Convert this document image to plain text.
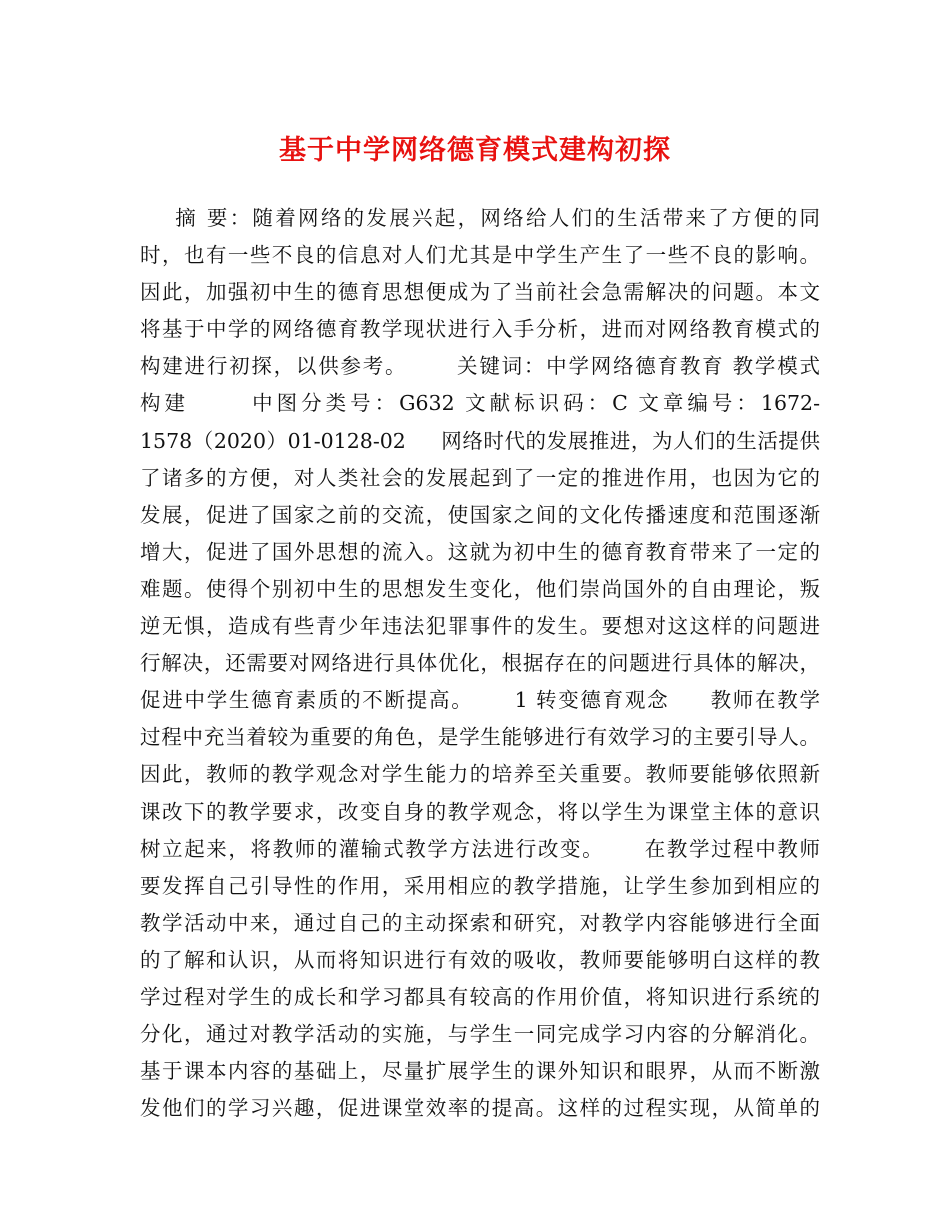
基于中学网络德育模式建构初探
摘 要：随着网络的发展兴起，网络给人们的生活带来了方便的同
时，也有一些不良的信息对人们尤其是中学生产生了一些不良的影响。
因此，加强初中生的德育思想便成为了当前社会急需解决的问题。本文
将基于中学的网络德育教学现状进行入手分析，进而对网络教育模式的
构建进行初探，以供参考。      关键词：中学网络德育教育 教学模式
构建      中图分类号：G632 文献标识码：C 文章编号：1672-
1578（2020）01-0128-02     网络时代的发展推进，为人们的生活提供
了诸多的方便，对人类社会的发展起到了一定的推进作用，也因为它的
发展，促进了国家之前的交流，使国家之间的文化传播速度和范围逐渐
增大，促进了国外思想的流入。这就为初中生的德育教育带来了一定的
难题。使得个别初中生的思想发生变化，他们崇尚国外的自由理论，叛
逆无惧，造成有些青少年违法犯罪事件的发生。要想对这这样的问题进
行解决，还需要对网络进行具体优化，根据存在的问题进行具体的解决，
促进中学生德育素质的不断提高。     1 转变德育观念     教师在教学
过程中充当着较为重要的角色，是学生能够进行有效学习的主要引导人。
因此，教师的教学观念对学生能力的培养至关重要。教师要能够依照新
课改下的教学要求，改变自身的教学观念，将以学生为课堂主体的意识
树立起来，将教师的灌输式教学方法进行改变。     在教学过程中教师
要发挥自己引导性的作用，采用相应的教学措施，让学生参加到相应的
教学活动中来，通过自己的主动探索和研究，对教学内容能够进行全面
的了解和认识，从而将知识进行有效的吸收，教师要能够明白这样的教
学过程对学生的成长和学习都具有较高的作用价值，将知识进行系统的
分化，通过对教学活动的实施，与学生一同完成学习内容的分解消化。
基于课本内容的基础上，尽量扩展学生的课外知识和眼界，从而不断激
发他们的学习兴趣，促进课堂效率的提高。这样的过程实现，从简单的
